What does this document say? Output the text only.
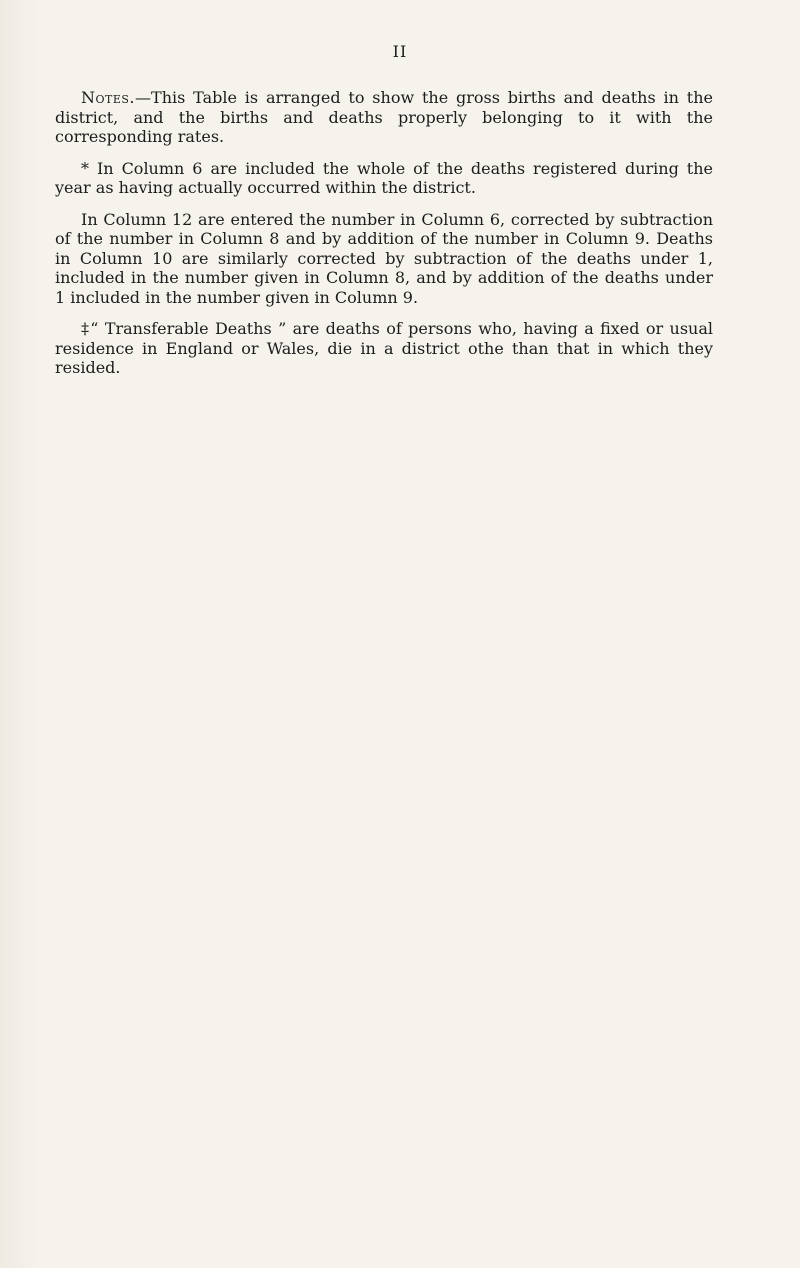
II

Notes.—This Table is arranged to show the gross births and deaths in the district, and the births and deaths properly belonging to it with the corresponding rates.

* In Column 6 are included the whole of the deaths registered during the year as having actually occurred within the district.

In Column 12 are entered the number in Column 6, corrected by subtraction of the number in Column 8 and by addition of the number in Column 9. Deaths in Column 10 are similarly corrected by subtraction of the deaths under 1, included in the number given in Column 8, and by addition of the deaths under 1 included in the number given in Column 9.

‡“ Transferable Deaths ” are deaths of persons who, having a fixed or usual residence in England or Wales, die in a district othe than that in which they resided.
